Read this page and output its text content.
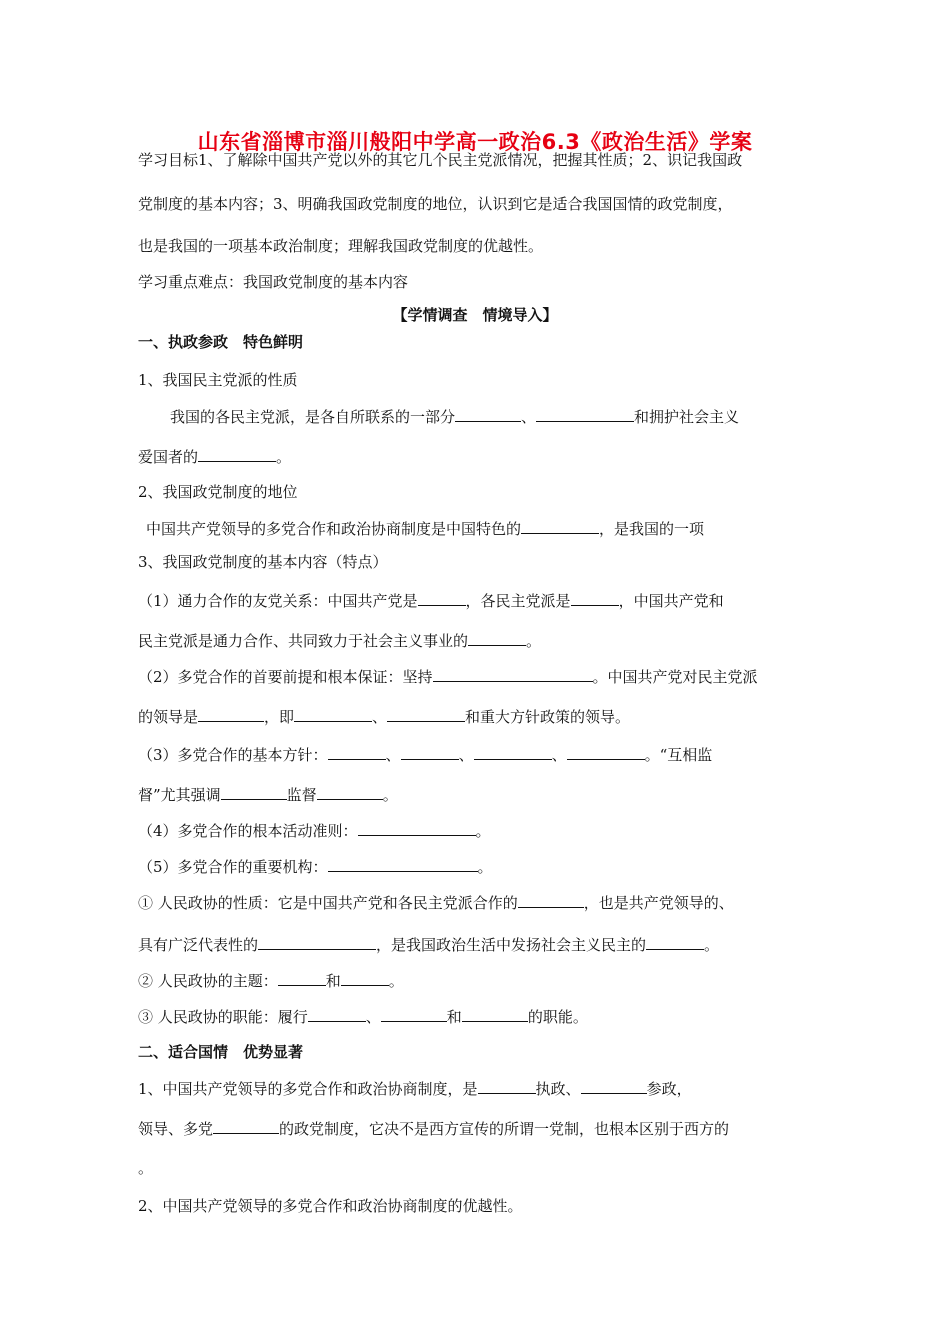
山东省淄博市淄川般阳中学高一政治6.3《政治生活》学案
学习目标1、了解除中国共产党以外的其它几个民主党派情况，把握其性质；2、识记我国政
党制度的基本内容；3、明确我国政党制度的地位，认识到它是适合我国国情的政党制度，
也是我国的一项基本政治制度；理解我国政党制度的优越性。
学习重点难点：我国政党制度的基本内容
【学情调查　情境导入】
一、执政参政　特色鲜明
1、我国民主党派的性质
我国的各民主党派，是各自所联系的一部分	、	和拥护社会主义
爱国者的	。
2、我国政党制度的地位
中国共产党领导的多党合作和政治协商制度是中国特色的	，是我国的一项
3、我国政党制度的基本内容（特点）
（1）通力合作的友党关系：中国共产党是	，各民主党派是	，中国共产党和
民主党派是通力合作、共同致力于社会主义事业的	。
（2）多党合作的首要前提和根本保证：坚持	。中国共产党对民主党派
的领导是	，即	、	和重大方针政策的领导。
（3）多党合作的基本方针：	、	、	、	。“互相监
督”尤其强调	监督	。
（4）多党合作的根本活动准则：	。
（5）多党合作的重要机构：	。
① 人民政协的性质：它是中国共产党和各民主党派合作的	，也是共产党领导的、
具有广泛代表性的	，是我国政治生活中发扬社会主义民主的	。
② 人民政协的主题：	和	。
③ 人民政协的职能：履行	、	和	的职能。
二、适合国情　优势显著
1、中国共产党领导的多党合作和政治协商制度，是	执政、	参政，
领导、多党	的政党制度，它决不是西方宣传的所谓一党制，也根本区别于西方的
。
2、中国共产党领导的多党合作和政治协商制度的优越性。
